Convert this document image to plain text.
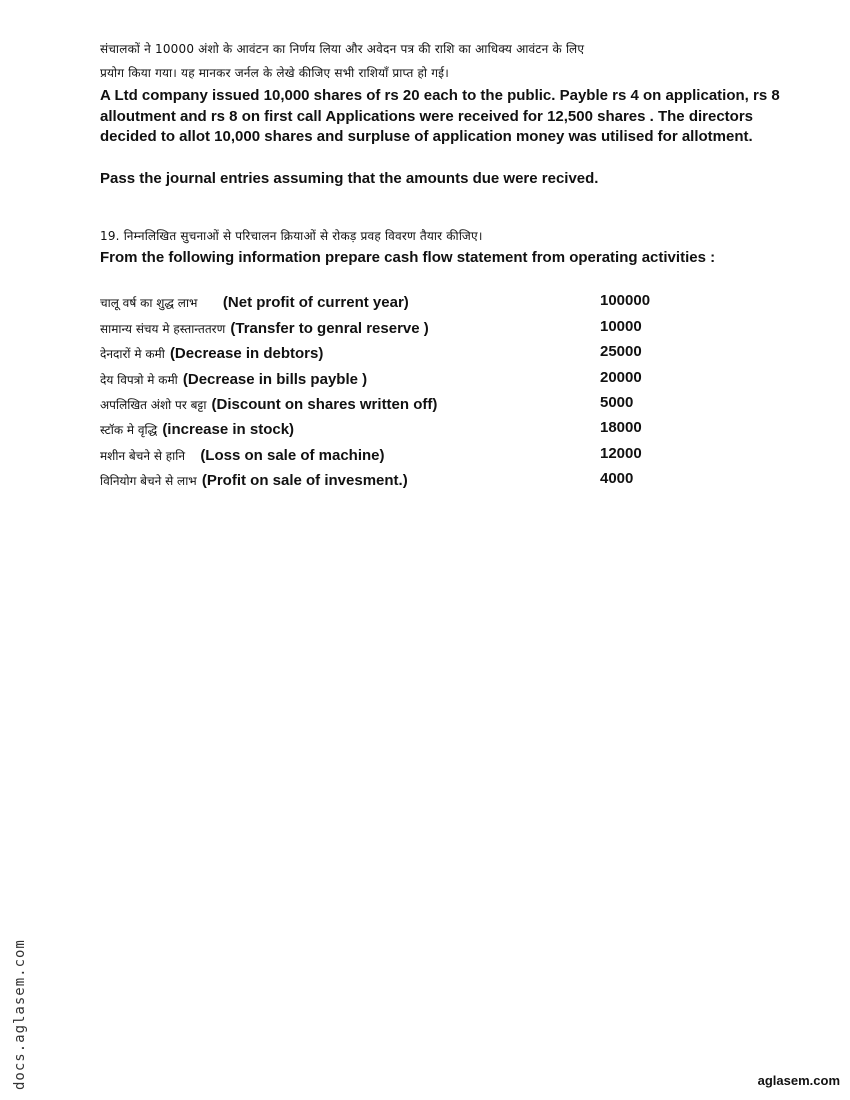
संचालकों ने 10000 अंशो के आवंटन का निर्णय लिया और अवेदन पत्र की राशि का आधिक्य आवंटन के लिए
प्रयोग किया गया। यह मानकर जर्नल के लेखे कीजिए सभी राशियाँ प्राप्त हो गई।
A Ltd company issued 10,000 shares of rs 20 each to the public. Payble rs 4 on application, rs 8
alloutment and rs 8 on first call Applications were received for 12,500 shares . The directors
decided to allot 10,000 shares and surpluse of application money was utilised for allotment.
Pass the journal entries assuming that the amounts due were recived.
19. निम्नलिखित सुचनाओं से परिचालन क्रियाओं से रोकड़ प्रवह विवरण तैयार कीजिए।
From the following information prepare cash flow statement from operating activities :
चालू वर्ष का शुद्ध लाभ (Net profit of current year)	100000
सामान्य संचय मे हस्तान्ततरण (Transfer to genral reserve )	10000
देनदारों मे कमी (Decrease in debtors)	25000
देय विपत्रो मे कमी (Decrease in bills payble )	20000
अपलिखित अंशो पर बट्टा (Discount on shares written off)	5000
स्टॉक मे वृद्धि (increase in stock)	18000
मशीन बेचने से हानि (Loss on sale of machine)	12000
विनियोग बेचने से लाभ (Profit on sale of invesment.)	4000
docs.aglasem.com	aglasem.com
